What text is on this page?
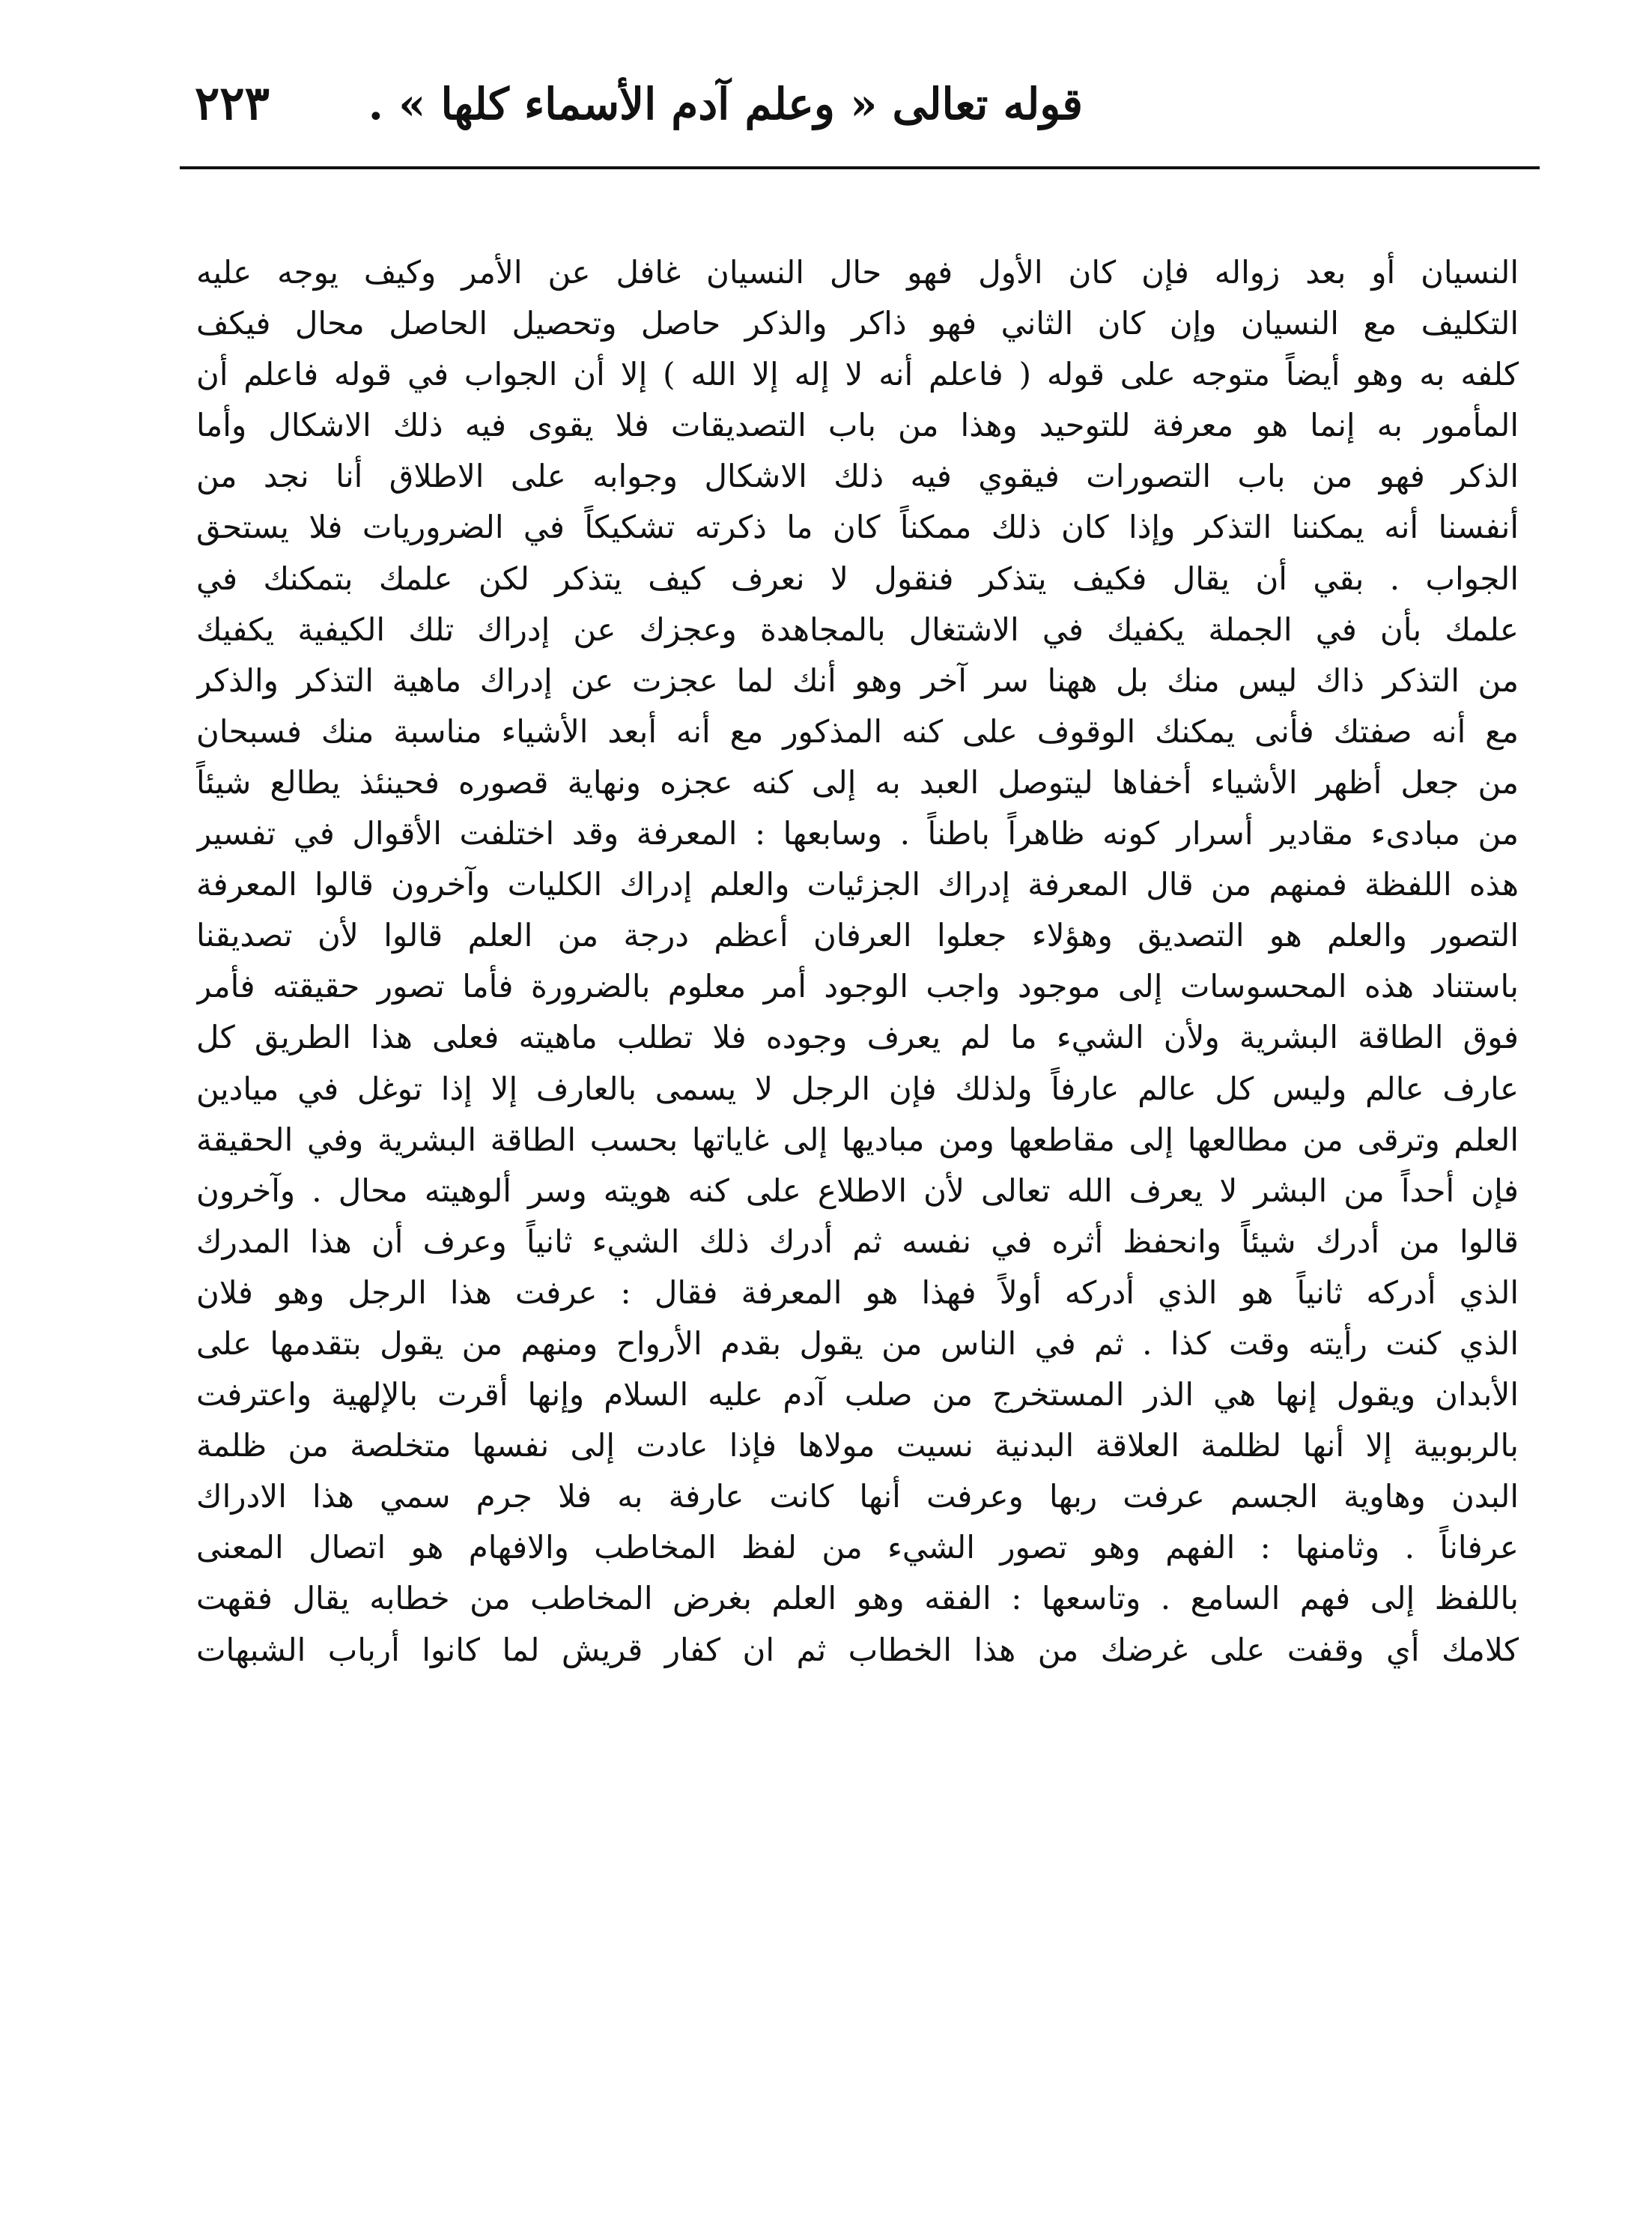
قوله تعالى « وعلم آدم الأسماء كلها » .
٢٢٣
النسيان أو بعد زواله فإن كان الأول فهو حال النسيان غافل عن الأمر وكيف يوجه عليه
التكليف مع النسيان وإن كان الثاني فهو ذاكر والذكر حاصل وتحصيل الحاصل محال فيكف
كلفه به وهو أيضاً متوجه على قوله ( فاعلم أنه لا إله إلا الله ) إلا أن الجواب في قوله فاعلم أن
المأمور به إنما هو معرفة للتوحيد وهذا من باب التصديقات فلا يقوى فيه ذلك الاشكال وأما
الذكر فهو من باب التصورات فيقوي فيه ذلك الاشكال وجوابه على الاطلاق أنا نجد من
أنفسنا أنه يمكننا التذكر وإذا كان ذلك ممكناً كان ما ذكرته تشكيكاً في الضروريات فلا يستحق
الجواب . بقي أن يقال فكيف يتذكر فنقول لا نعرف كيف يتذكر لكن علمك بتمكنك في
علمك بأن في الجملة يكفيك في الاشتغال بالمجاهدة وعجزك عن إدراك تلك الكيفية يكفيك
من التذكر ذاك ليس منك بل ههنا سر آخر وهو أنك لما عجزت عن إدراك ماهية التذكر والذكر
مع أنه صفتك فأنى يمكنك الوقوف على كنه المذكور مع أنه أبعد الأشياء مناسبة منك فسبحان
من جعل أظهر الأشياء أخفاها ليتوصل العبد به إلى كنه عجزه ونهاية قصوره فحينئذ يطالع شيئاً
من مبادىء مقادير أسرار كونه ظاهراً باطناً . وسابعها : المعرفة وقد اختلفت الأقوال في تفسير
هذه اللفظة فمنهم من قال المعرفة إدراك الجزئيات والعلم إدراك الكليات وآخرون قالوا المعرفة
التصور والعلم هو التصديق وهؤلاء جعلوا العرفان أعظم درجة من العلم قالوا لأن تصديقنا
باستناد هذه المحسوسات إلى موجود واجب الوجود أمر معلوم بالضرورة فأما تصور حقيقته فأمر
فوق الطاقة البشرية ولأن الشيء ما لم يعرف وجوده فلا تطلب ماهيته فعلى هذا الطريق كل
عارف عالم وليس كل عالم عارفاً ولذلك فإن الرجل لا يسمى بالعارف إلا إذا توغل في ميادين
العلم وترقى من مطالعها إلى مقاطعها ومن مباديها إلى غاياتها بحسب الطاقة البشرية وفي الحقيقة
فإن أحداً من البشر لا يعرف الله تعالى لأن الاطلاع على كنه هويته وسر ألوهيته محال . وآخرون
قالوا من أدرك شيئاً وانحفظ أثره في نفسه ثم أدرك ذلك الشيء ثانياً وعرف أن هذا المدرك
الذي أدركه ثانياً هو الذي أدركه أولاً فهذا هو المعرفة فقال : عرفت هذا الرجل وهو فلان
الذي كنت رأيته وقت كذا . ثم في الناس من يقول بقدم الأرواح ومنهم من يقول بتقدمها على
الأبدان ويقول إنها هي الذر المستخرج من صلب آدم عليه السلام وإنها أقرت بالإلهية واعترفت
بالربوبية إلا أنها لظلمة العلاقة البدنية نسيت مولاها فإذا عادت إلى نفسها متخلصة من ظلمة
البدن وهاوية الجسم عرفت ربها وعرفت أنها كانت عارفة به فلا جرم سمي هذا الادراك
عرفاناً . وثامنها : الفهم وهو تصور الشيء من لفظ المخاطب والافهام هو اتصال المعنى
باللفظ إلى فهم السامع . وتاسعها : الفقه وهو العلم بغرض المخاطب من خطابه يقال فقهت
كلامك أي وقفت على غرضك من هذا الخطاب ثم ان كفار قريش لما كانوا أرباب الشبهات
